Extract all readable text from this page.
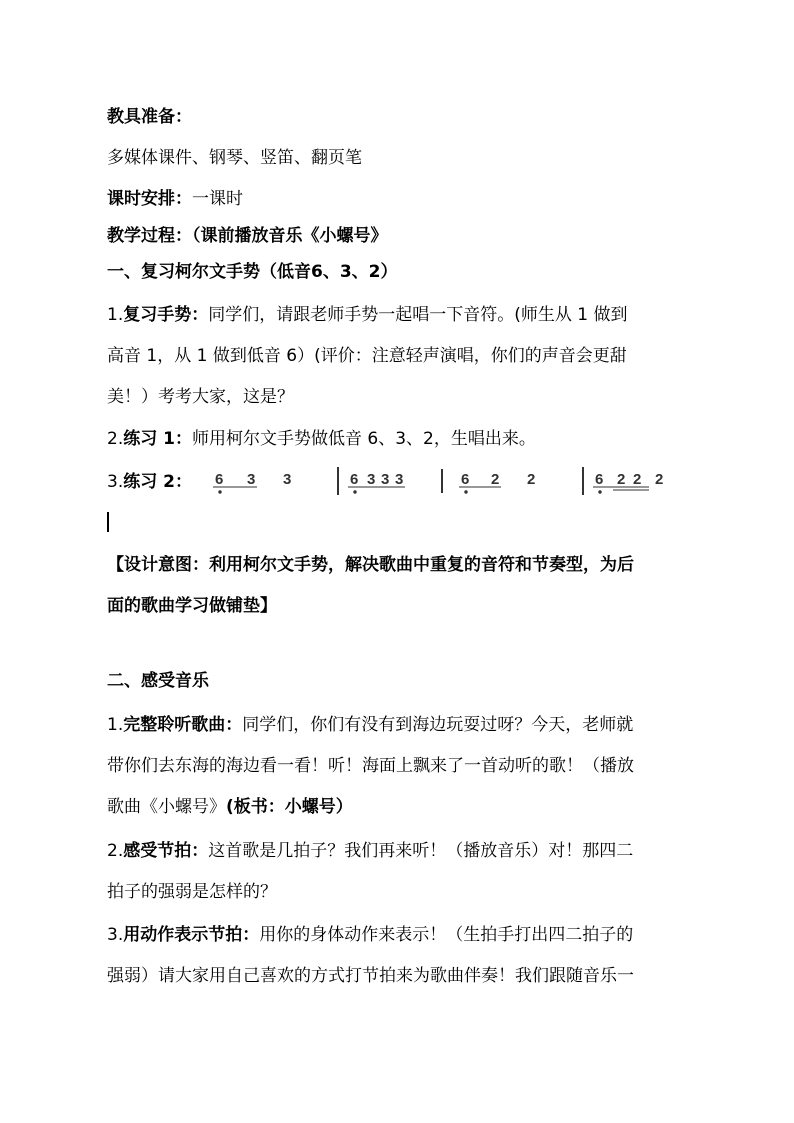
教具准备：
多媒体课件、钢琴、竖笛、翻页笔
课时安排：一课时
教学过程：（课前播放音乐《小螺号》
一、复习柯尔文手势（低音6、3、2）
1.复习手势：同学们，请跟老师手势一起唱一下音符。(师生从 1 做到
高音 1，从 1 做到低音 6）(评价：注意轻声演唱，你们的声音会更甜
美！）考考大家，这是？
2.练习 1：师用柯尔文手势做低音 6、3、2，生唱出来。
3.练习 2： 6 3 3	6 3 3 3	6 2 2	6 2 2 2
【设计意图：利用柯尔文手势，解决歌曲中重复的音符和节奏型，为后
面的歌曲学习做铺垫】
二、感受音乐
1.完整聆听歌曲：同学们，你们有没有到海边玩耍过呀？今天，老师就
带你们去东海的海边看一看！听！海面上飘来了一首动听的歌！（播放
歌曲《小螺号》(板书：小螺号）
2.感受节拍：这首歌是几拍子？我们再来听！（播放音乐）对！那四二
拍子的强弱是怎样的？
3.用动作表示节拍：用你的身体动作来表示！（生拍手打出四二拍子的
强弱）请大家用自己喜欢的方式打节拍来为歌曲伴奏！我们跟随音乐一
